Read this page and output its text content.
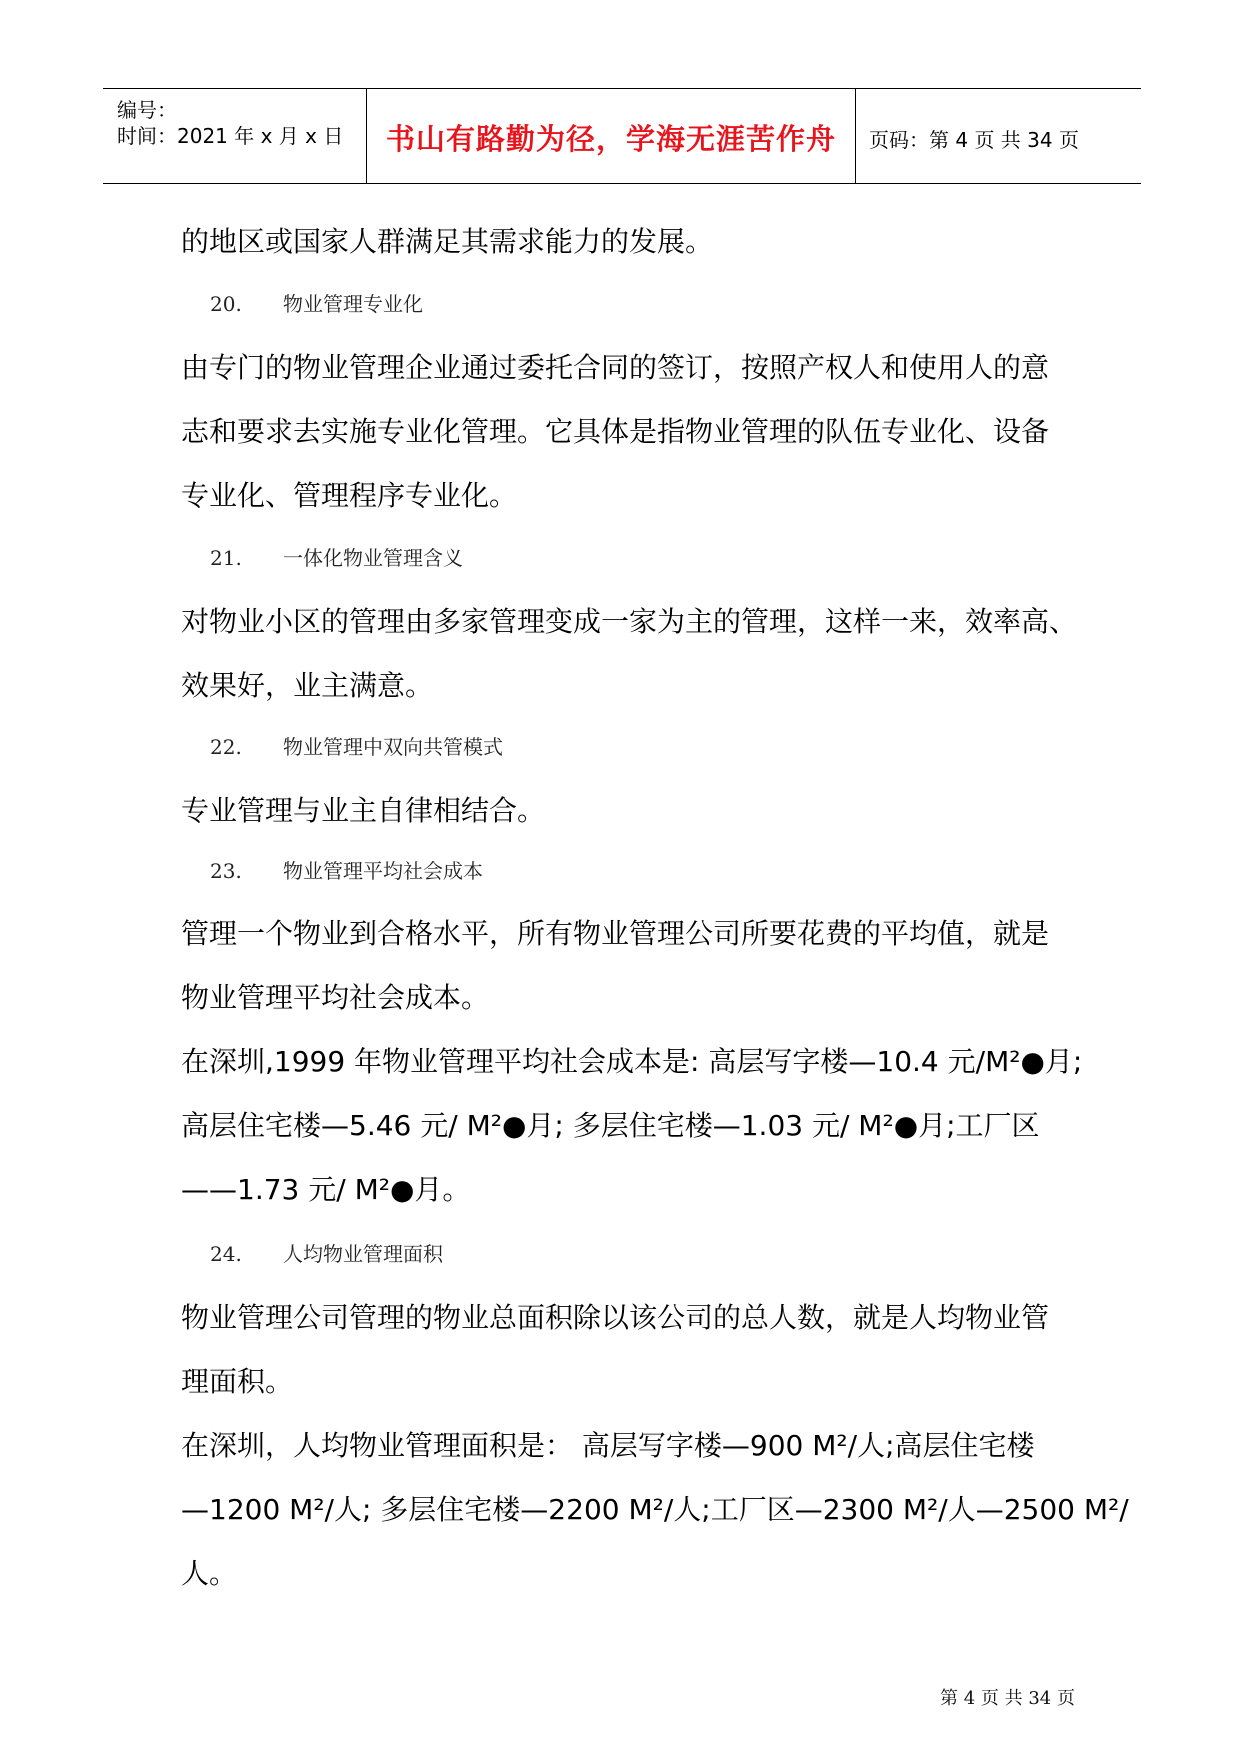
编号：
时间：2021 年 x 月 x 日	书山有路勤为径，学海无涯苦作舟	页码：第 4 页 共 34 页
的地区或国家人群满足其需求能力的发展。
20. 物业管理专业化
由专门的物业管理企业通过委托合同的签订，按照产权人和使用人的意
志和要求去实施专业化管理。它具体是指物业管理的队伍专业化、设备
专业化、管理程序专业化。
21. 一体化物业管理含义
对物业小区的管理由多家管理变成一家为主的管理，这样一来，效率高、
效果好，业主满意。
22. 物业管理中双向共管模式
专业管理与业主自律相结合。
23. 物业管理平均社会成本
管理一个物业到合格水平，所有物业管理公司所要花费的平均值，就是
物业管理平均社会成本。
在深圳,1999 年物业管理平均社会成本是: 高层写字楼—10.4 元/M²●月;
高层住宅楼—5.46 元/ M²●月; 多层住宅楼—1.03 元/ M²●月;工厂区
——1.73 元/ M²●月。
24. 人均物业管理面积
物业管理公司管理的物业总面积除以该公司的总人数，就是人均物业管
理面积。
在深圳，人均物业管理面积是： 高层写字楼—900 M²/人;高层住宅楼
—1200 M²/人; 多层住宅楼—2200 M²/人;工厂区—2300 M²/人—2500 M²/
人。
第 4 页 共 34 页
